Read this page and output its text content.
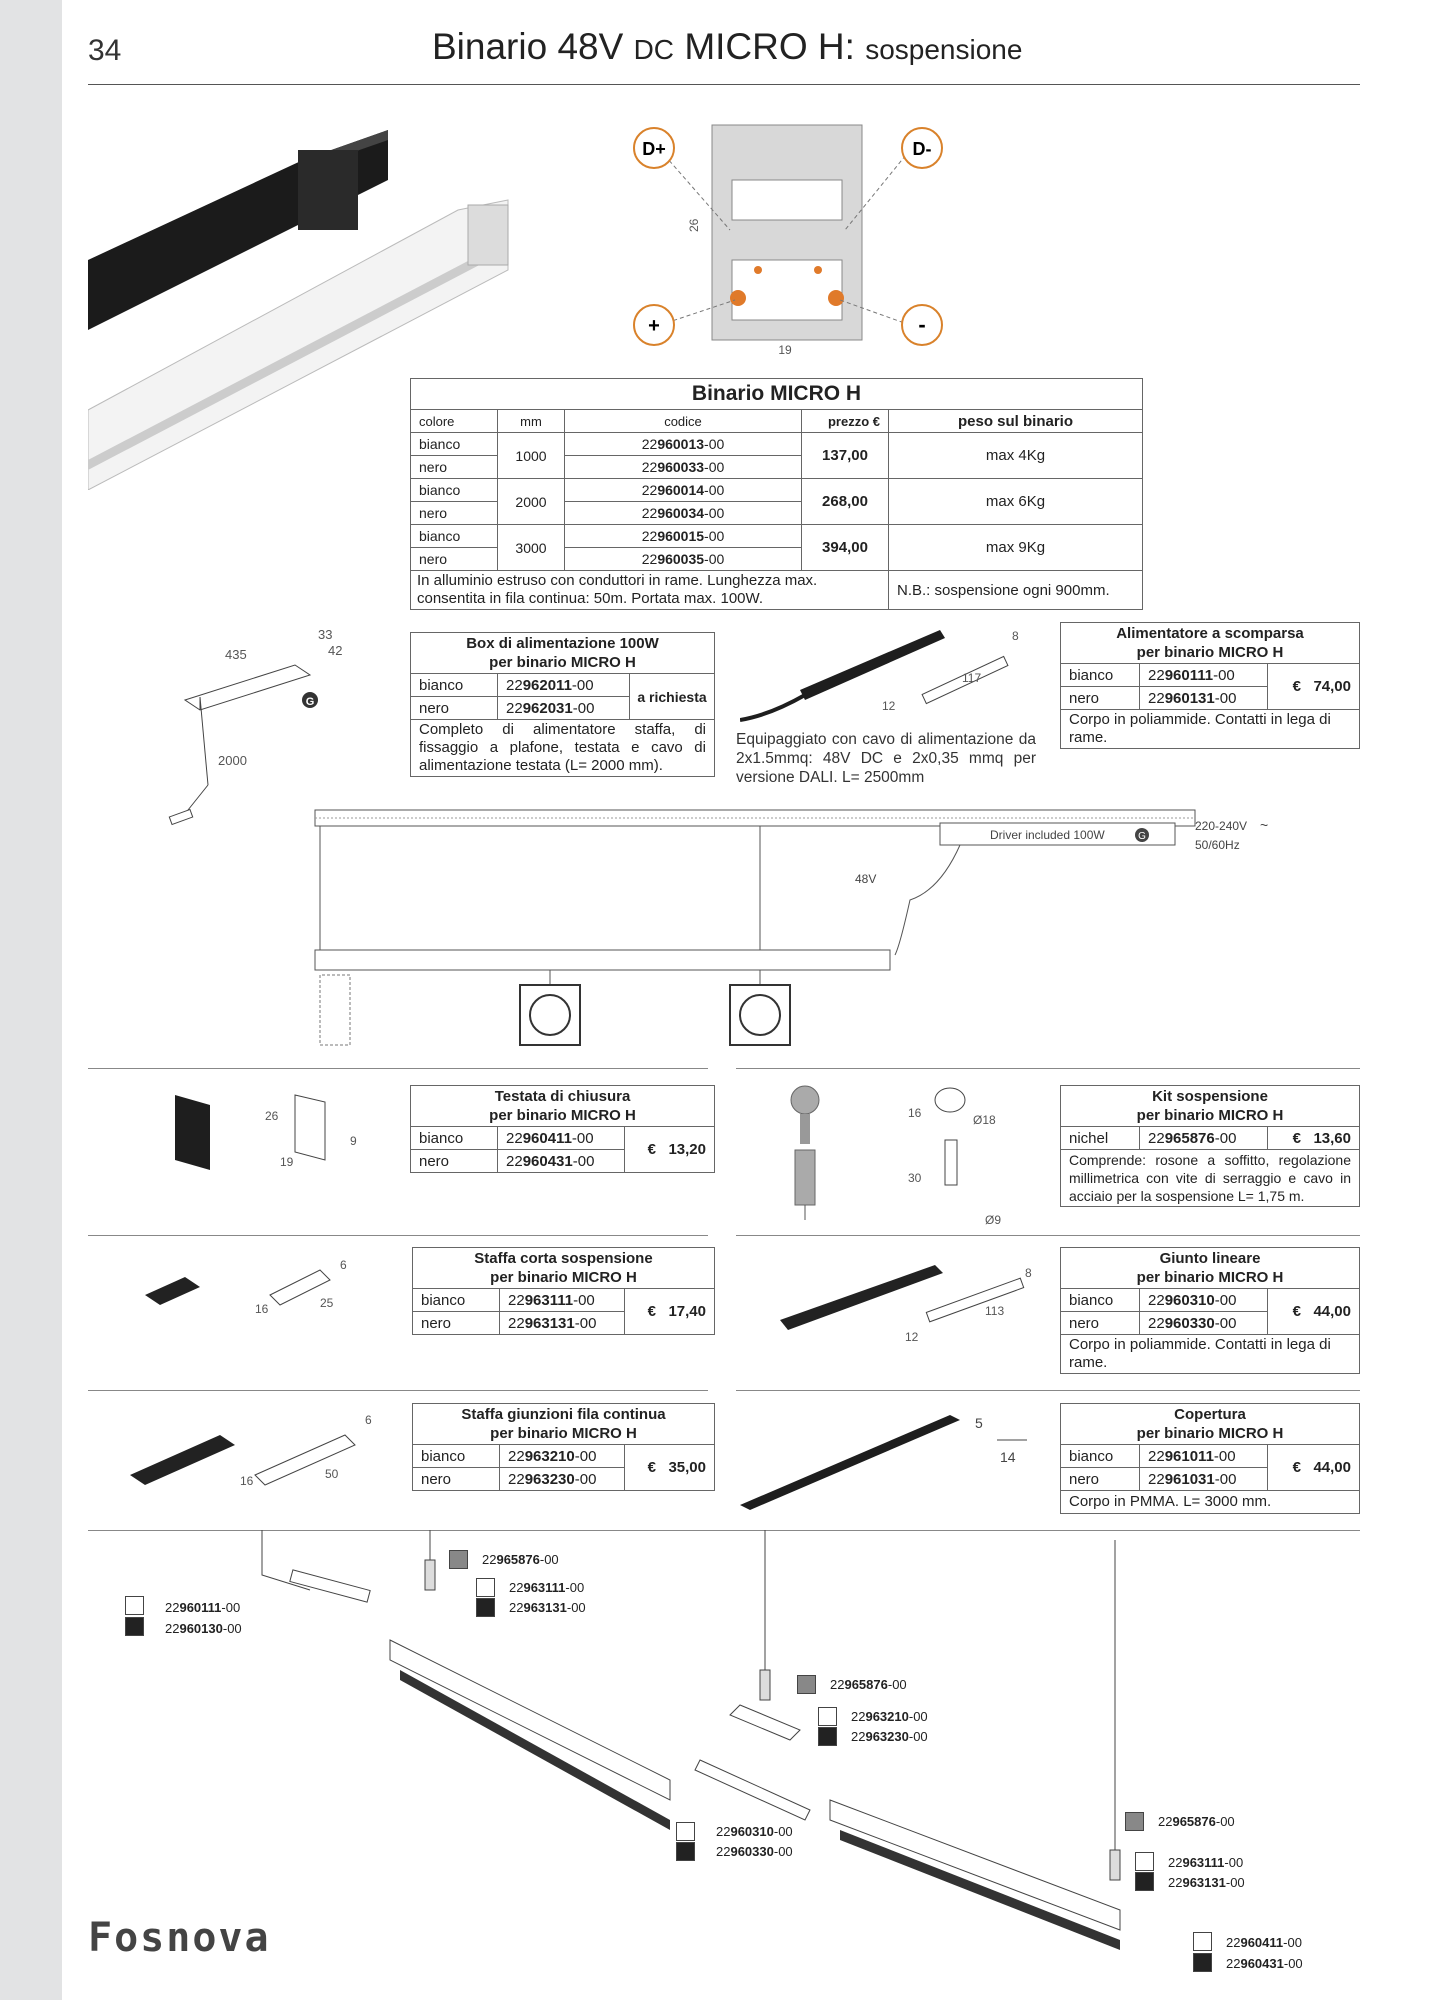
34	Binario 48V DC MICRO H: sospensione
D+	D-
+	-
26
19
Binario MICRO H				
colore	mm	codice	prezzo €	peso sul binario
bianco	1000	22960013-00	137,00	max 4Kg
nero		22960033-00		
bianco	2000	22960014-00	268,00	max 6Kg
nero		22960034-00		
bianco	3000	22960015-00	394,00	max 9Kg
nero		22960035-00		
In alluminio estruso con conduttori in rame. Lunghezza max. consentita in fila continua: 50m. Portata max. 100W.				N.B.: sospensione ogni 900mm.
435
33
42
2000
G
Box di alimentazione 100W
per binario MICRO H		
bianco	22962011-00	a richiesta
nero	22962031-00	
Completo di alimentatore staffa, di fissaggio a plafone, testata e cavo di alimentazione testata (L= 2000 mm).		
8
117
12
Equipaggiato con cavo di alimentazione da 2x1.5mmq: 48V DC e 2x0,35 mmq per versione DALI. L= 2500mm
Alimentatore a scomparsa
per binario MICRO H		
bianco	22960111-00	€ 74,00
nero	22960131-00	
Corpo in poliammide. Contatti in lega di rame.		
Driver included 100W	G
220-240V ~
50/60Hz
48V
26
9
19
Testata di chiusura
per binario MICRO H		
bianco	22960411-00	€ 13,20
nero	22960431-00	
16	Ø18
30
Ø9
Kit sospensione
per binario MICRO H
nichel	22965876-00	€ 13,60
Comprende: rosone a soffitto, regolazione millimetrica con vite di serraggio e cavo in acciaio per la sospensione L= 1,75 m.
6
16	25
Staffa corta sospensione
per binario MICRO H		
bianco	22963111-00	€ 17,40
nero	22963131-00	
8
113
12
Giunto lineare
per binario MICRO H		
bianco	22960310-00	€ 44,00
nero	22960330-00	
Corpo in poliammide. Contatti in lega di rame.		
6
16	50
Staffa giunzioni fila continua
per binario MICRO H		
bianco	22963210-00	€ 35,00
nero	22963230-00	
5
14
Copertura
per binario MICRO H		
bianco	22961011-00	€ 44,00
nero	22961031-00	
Corpo in PMMA. L= 3000 mm.		
22965876-00
22963111-00
22963131-00
22960111-00
22960130-00
22965876-00
22963210-00
22963230-00
22960310-00
22960330-00
22965876-00
22963111-00
22963131-00
22960411-00
22960431-00
Fosnova
